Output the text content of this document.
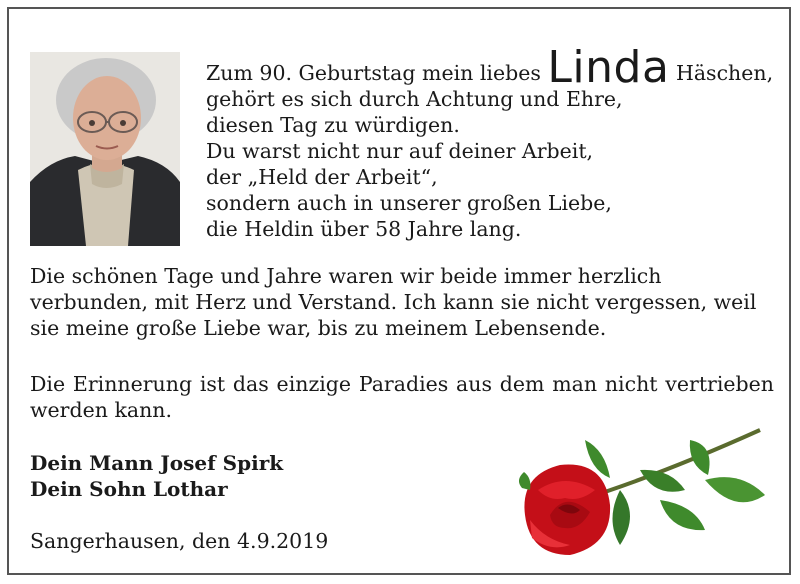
Zum 90. Geburtstag mein liebes Linda Häschen,
gehört es sich durch Achtung und Ehre,
diesen Tag zu würdigen.
Du warst nicht nur auf deiner Arbeit,
der „Held der Arbeit“,
sondern auch in unserer großen Liebe,
die Heldin über 58 Jahre lang.
Die schönen Tage und Jahre waren wir beide immer herzlich verbunden, mit Herz und Verstand. Ich kann sie nicht vergessen, weil sie meine große Liebe war, bis zu meinem Lebensende.
Die Erinnerung ist das einzige Paradies aus dem man nicht vertrieben werden kann.
Dein Mann Josef Spirk
Dein Sohn Lothar
Sangerhausen, den 4.9.2019
